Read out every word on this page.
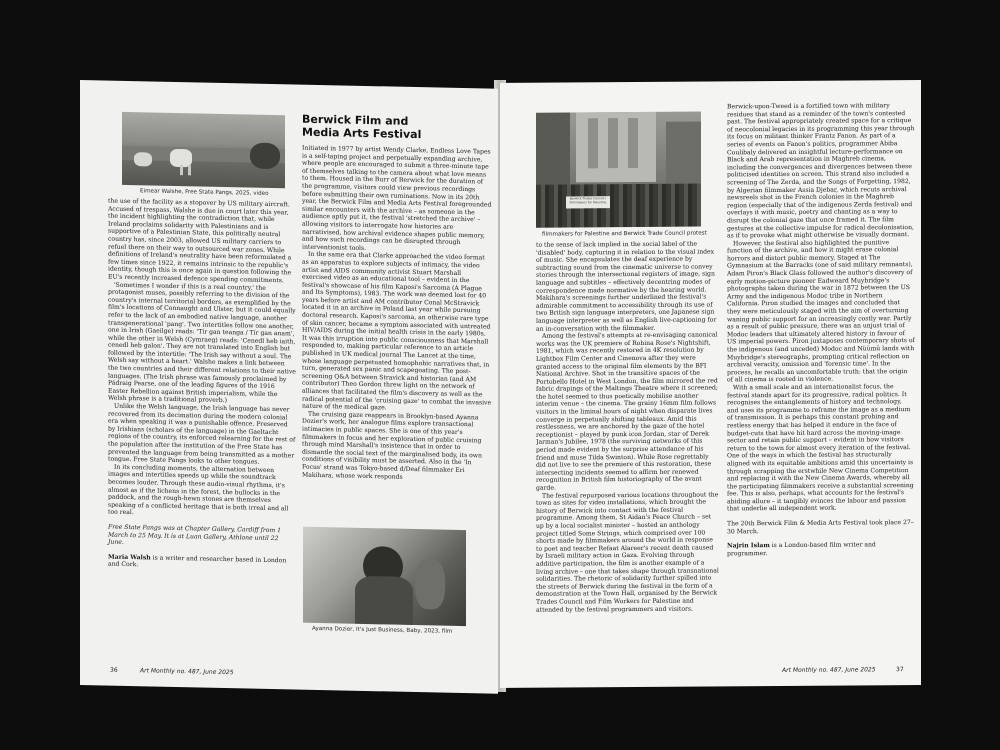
Eimear Walshe, Free State Pangs, 2025, video

the use of the facility as a stopover by US military aircraft. Accused of trespass, Walshe is due in court later this year, the incident highlighting the contradiction that, while Ireland proclaims solidarity with Palestinians and is supportive of a Palestinian State, this politically neutral country has, since 2003, allowed US military carriers to refuel there on their way to outsourced war zones. While definitions of Ireland's neutrality have been reformulated a few times since 1922, it remains intrinsic to the republic's identity, though this is once again in question following the EU's recently increased defence spending commitments.

'Sometimes I wonder if this is a real country,' the protagonist muses, possibly referring to the division of the country's internal territorial borders, as exemplified by the film's locations of Connaught and Ulster, but it could equally refer to the lack of an embodied native language, another transgenerational 'pang'. Two intertitles follow one another, one in Irish (Gaeilge) reads: 'Tír gan teanga / Tír gan anam', while the other in Welsh (Cymraeg) reads: 'Cenedl heb iaith, cenedl heb galon'. They are not translated into English but followed by the intertitle: 'The Irish say without a soul. The Welsh say without a heart.' Walshe makes a link between the two countries and their different relations to their native languages. (The Irish phrase was famously proclaimed by Pádraig Pearse, one of the leading figures of the 1916 Easter Rebellion against British imperialism, while the Welsh phrase is a traditional proverb.)

Unlike the Welsh language, the Irish language has never recovered from its decimation during the modern colonial era when speaking it was a punishable offence. Preserved by Irishians (scholars of the language) in the Gaeltacht regions of the country, its enforced relearning for the rest of the population after the institution of the Free State has prevented the language from being transmitted as a mother tongue. Free State Pangs looks to other tongues.

In its concluding moments, the alternation between images and intertitles speeds up while the soundtrack becomes louder. Through these audio-visual rhythms, it's almost as if the lichens in the forest, the bullocks in the paddock, and the rough-hewn stones are themselves speaking of a conflicted heritage that is both irreal and all too real.

Free State Pangs was at Chapter Gallery, Cardiff from 1 March to 25 May. It is at Luan Gallery, Athlone until 22 June.

Maria Walsh is a writer and researcher based in London and Cork.

Berwick Film and Media Arts Festival

Initiated in 1977 by artist Wendy Clarke, Endless Love Tapes is a self-taping project and perpetually expanding archive, where people are encouraged to submit a three-minute tape of themselves talking to the camera about what love means to them. Housed in the Burr of Berwick for the duration of the programme, visitors could view previous recordings before submitting their own ruminations. Now in its 20th year, the Berwick Film and Media Arts Festival foregrounded similar encounters with the archive – as someone in the audience aptly put it, the festival 'stretched the archive' – allowing visitors to interrogate how histories are narrativised, how archival evidence shapes public memory, and how such recordings can be disrupted through interventionist tools.

In the same era that Clarke approached the video format as an apparatus to explore subjects of intimacy, the video artist and AIDS community activist Stuart Marshall exercised video as an educational tool – evident in the festival's showcase of his film Kaposi's Sarcoma (A Plague and Its Symptoms), 1983. The work was deemed lost for 40 years before artist and AM contributor Conal McStravick located it in an archive in Poland last year while pursuing doctoral research. Kaposi's sarcoma, an otherwise rare type of skin cancer, became a symptom associated with untreated HIV/AIDS during the initial health crisis in the early 1980s. It was this irruption into public consciousness that Marshall responded to, making particular reference to an article published in UK medical journal The Lancet at the time, whose language perpetuated homophobic narratives that, in turn, generated sex panic and scapegoating. The post-screening Q&A between Stravick and historian (and AM contributor) Theo Gordon threw light on the network of alliances that facilitated the film's discovery as well as the radical potential of the 'cruising gaze' to combat the invasive nature of the medical gaze.

The cruising gaze reappears in Brooklyn-based Ayanna Dozier's work, her analogue films explore transactional intimacies in public spaces. She is one of this year's filmmakers in focus and her exploration of public cruising through mind Marshall's insistence that in order to dismantle the social text of the marginalised body, its own conditions of visibility must be asserted. Also in the 'In Focus' strand was Tokyo-based d/Deaf filmmaker Eri Makihara, whose work responds

Ayanna Dozier, It's Just Business, Baby, 2023, film
36	Art Monthly no. 487, June 2025
Berwick Trades Council / Filmmakers for Palestine
filmmakers for Palestine and Berwick Trade Council protest

to the sense of lack implied in the social label of the 'disabled' body, capturing it in relation to the visual index of music. She encapsulates the deaf experience by subtracting sound from the cinematic universe to convey stories through the intersectional registers of image, sign language and subtitles – effectively decentring modes of correspondence made normative by the hearing world. Makihara's screenings further underlined the festival's admirable commitment to accessibility through its use of two British sign language interpreters, one Japanese sign language interpreter as well as English live-captioning for an in-conversation with the filmmaker.

Among the festival's attempts at re-envisaging canonical works was the UK premiere of Robina Rose's Nightshift, 1981, which was recently restored in 4K resolution by Lightbox Film Center and Cinenova after they were granted access to the original film elements by the BFI National Archive. Shot in the transitive spaces of the Portobello Hotel in West London, the film mirrored the red fabric drapings of the Maltings Theatre where it screened; the hotel seemed to thus poetically mobilise another interim venue – the cinema. The grainy 16mm film follows visitors in the liminal hours of night when disparate lives converge in perpetually shifting tableaux. Amid this restlessness, we are anchored by the gaze of the hotel receptionist – played by punk icon Jordan, star of Derek Jarman's Jubilee, 1978 (the surviving networks of this period made evident by the surprise attendance of his friend and muse Tilda Swinton). While Rose regrettably did not live to see the premiere of this restoration, these intersecting incidents seemed to affirm her renewed recognition in British film historiography of the avant garde.

The festival repurposed various locations throughout the town as sites for video installations, which brought the history of Berwick into contact with the festival programme. Among them, St Aidan's Peace Church – set up by a local socialist minister – hosted an anthology project titled Some Strings, which comprised over 100 shorts made by filmmakers around the world in response to poet and teacher Refaat Alareer's recent death caused by Israeli military action in Gaza. Evolving through additive participation, the film is another example of a living archive – one that takes shape through transnational solidarities. The rhetoric of solidarity further spilled into the streets of Berwick during the festival in the form of a demonstration at the Town Hall, organised by the Berwick Trades Council and Film Workers for Palestine and attended by the festival programmers and visitors.

Berwick-upon-Tweed is a fortified town with military residues that stand as a reminder of the town's contested past. The festival appropriately created space for a critique of neocolonial legacies in its programming this year through its focus on militant thinker Frantz Fanon. As part of a series of events on Fanon's politics, programmer Abiba Coulibaly delivered an insightful lecture-performance on Black and Arab representation in Maghreb cinema, including the convergences and divergences between these politicised identities on screen. This strand also included a screening of The Zerda, and the Songs of Forgetting, 1982, by Algerian filmmaker Assia Djebar, which recuts archival newsreels shot in the French colonies in the Maghreb region (especially that of the indigenous Zerda festival) and overlays it with music, poetry and chanting as a way to disrupt the colonial gaze that once framed it. The film gestures at the collective impulse for radical decolonisation, as if to provoke what might otherwise be visually dormant.

However, the festival also highlighted the punitive function of the archive, and how it might erase colonial horrors and distort public memory. Staged at The Gymnasium at the Barracks (one of said military remnants), Adam Piron's Black Glass followed the author's discovery of early motion-picture pioneer Eadweard Muybridge's photographs taken during the war in 1872 between the US Army and the indigenous Modoc tribe in Northern California. Piron studied the images and concluded that they were meticulously staged with the aim of overturning waning public support for an increasingly costly war. Partly as a result of public pressure, there was an unjust trial of Modoc leaders that ultimately altered history in favour of US imperial powers. Piron juxtaposes contemporary shots of the indigenous (and unceded) Modoc and Nüümü lands with Muybridge's stereographs, prompting critical reflection on archival veracity, omission and 'forensic time'. In the process, he recalls an uncomfortable truth: that the origin of all cinema is rooted in violence.

With a small scale and an internationalist focus, the festival stands apart for its progressive, radical politics. It recognises the entanglements of history and technology, and uses its programme to reframe the image as a medium of transmission. It is perhaps this constant probing and restless energy that has helped it endure in the face of budget-cuts that have hit hard across the moving-image sector and retain public support – evident in how visitors return to the town for almost every iteration of the festival. One of the ways in which the festival has structurally aligned with its equitable ambitions amid this uncertainty is through scrapping the erstwhile New Cinema Competition and replacing it with the New Cinema Awards, whereby all the participating filmmakers receive a substantial screening fee. This is also, perhaps, what accounts for the festival's abiding allure – it tangibly evinces the labour and passion that underlie all independent work.

The 20th Berwick Film & Media Arts Festival took place 27–30 March.

Najrin Islam is a London-based film writer and programmer.

Art Monthly no. 487, June 2025	37
